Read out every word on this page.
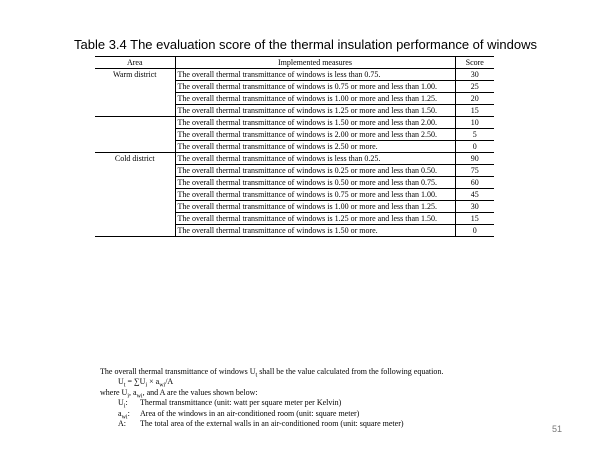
Table 3.4 The evaluation score of the thermal insulation performance of windows
Area	Implemented measures	Score
Warm district	The overall thermal transmittance of windows is less than 0.75.	30
	The overall thermal transmittance of windows is 0.75 or more and less than 1.00.	25
	The overall thermal transmittance of windows is 1.00 or more and less than 1.25.	20
	The overall thermal transmittance of windows is 1.25 or more and less than 1.50.	15
	The overall thermal transmittance of windows is 1.50 or more and less than 2.00.	10
	The overall thermal transmittance of windows is 2.00 or more and less than 2.50.	5
	The overall thermal transmittance of windows is 2.50 or more.	0
Cold district	The overall thermal transmittance of windows is less than 0.25.	90
	The overall thermal transmittance of windows is 0.25 or more and less than 0.50.	75
	The overall thermal transmittance of windows is 0.50 or more and less than 0.75.	60
	The overall thermal transmittance of windows is 0.75 or more and less than 1.00.	45
	The overall thermal transmittance of windows is 1.00 or more and less than 1.25.	30
	The overall thermal transmittance of windows is 1.25 or more and less than 1.50.	15
	The overall thermal transmittance of windows is 1.50 or more.	0
The overall thermal transmittance of windows $U_t$ shall be the value calculated from the following equation.
$U_t = \sum U_i \times a_{wi}/A$
where $U_i$, $a_{wi}$, and A are the values shown below:
$U_i$:	Thermal transmittance (unit: watt per square meter per Kelvin)
$a_{wi}$:	Area of the windows in an air-conditioned room (unit: square meter)
A:	The total area of the external walls in an air-conditioned room (unit: square meter)
51
